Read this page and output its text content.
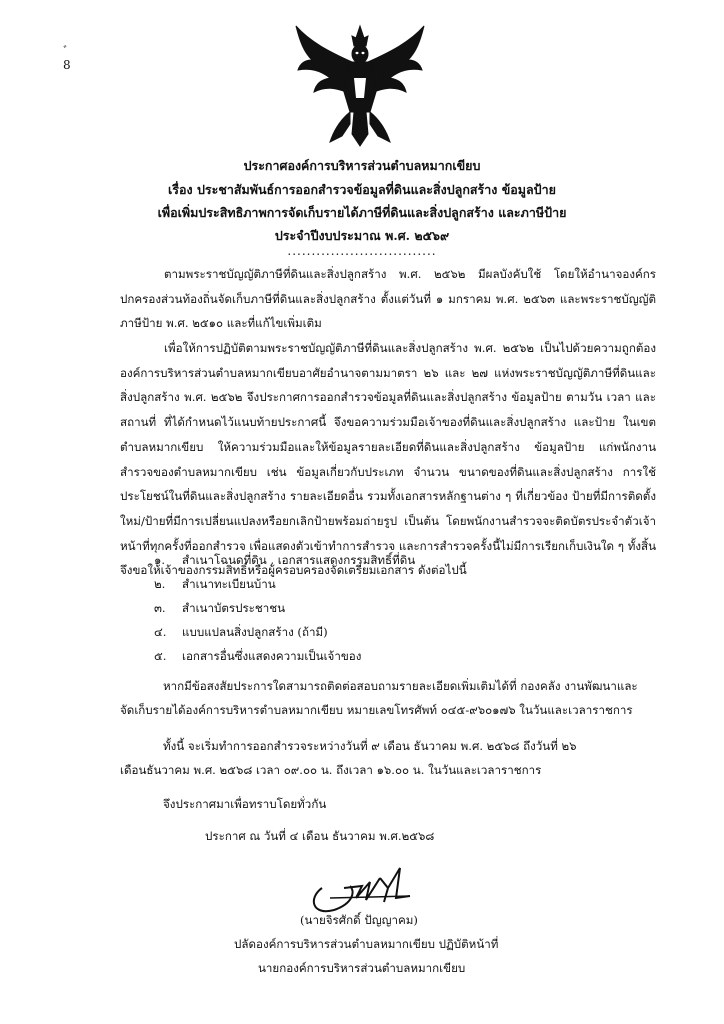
ﾞ
8
ประกาศองค์การบริหารส่วนตำบลหมากเขียบ
เรื่อง ประชาสัมพันธ์การออกสำรวจข้อมูลที่ดินและสิ่งปลูกสร้าง ข้อมูลป้าย
เพื่อเพิ่มประสิทธิภาพการจัดเก็บรายได้ภาษีที่ดินและสิ่งปลูกสร้าง และภาษีป้าย
ประจำปีงบประมาณ พ.ศ. ๒๕๖๙
...............................

ตามพระราชบัญญัติภาษีที่ดินและสิ่งปลูกสร้าง พ.ศ. ๒๕๖๒ มีผลบังคับใช้ โดยให้อำนาจองค์กรปกครองส่วนท้องถิ่นจัดเก็บภาษีที่ดินและสิ่งปลูกสร้าง ตั้งแต่วันที่ ๑ มกราคม พ.ศ. ๒๕๖๓ และพระราชบัญญัติภาษีป้าย พ.ศ. ๒๕๑๐ และที่แก้ไขเพิ่มเติม

เพื่อให้การปฏิบัติตามพระราชบัญญัติภาษีที่ดินและสิ่งปลูกสร้าง พ.ศ. ๒๕๖๒ เป็นไปด้วยความถูกต้อง องค์การบริหารส่วนตำบลหมากเขียบอาศัยอำนาจตามมาตรา ๒๖ และ ๒๗ แห่งพระราชบัญญัติภาษีที่ดินและสิ่งปลูกสร้าง พ.ศ. ๒๕๖๒ จึงประกาศการออกสำรวจข้อมูลที่ดินและสิ่งปลูกสร้าง ข้อมูลป้าย ตามวัน เวลา และสถานที่ ที่ได้กำหนดไว้แนบท้ายประกาศนี้ จึงขอความร่วมมือเจ้าของที่ดินและสิ่งปลูกสร้าง และป้าย ในเขตตำบลหมากเขียบ ให้ความร่วมมือและให้ข้อมูลรายละเอียดที่ดินและสิ่งปลูกสร้าง ข้อมูลป้าย แก่พนักงานสำรวจของตำบลหมากเขียบ เช่น ข้อมูลเกี่ยวกับประเภท จำนวน ขนาดของที่ดินและสิ่งปลูกสร้าง การใช้ประโยชน์ในที่ดินและสิ่งปลูกสร้าง รายละเอียดอื่น รวมทั้งเอกสารหลักฐานต่าง ๆ ที่เกี่ยวข้อง ป้ายที่มีการติดตั้งใหม่/ป้ายที่มีการเปลี่ยนแปลงหรือยกเลิกป้ายพร้อมถ่ายรูป เป็นต้น โดยพนักงานสำรวจจะติดบัตรประจำตัวเจ้าหน้าที่ทุกครั้งที่ออกสำรวจ เพื่อแสดงตัวเข้าทำการสำรวจ และการสำรวจครั้งนี้ไม่มีการเรียกเก็บเงินใด ๆ ทั้งสิ้น จึงขอให้เจ้าของกรรมสิทธิ์หรือผู้ครอบครองจัดเตรียมเอกสาร ดังต่อไปนี้

๑. สำเนาโฉนดที่ดิน , เอกสารแสดงกรรมสิทธิ์ที่ดิน
๒. สำเนาทะเบียนบ้าน
๓. สำเนาบัตรประชาชน
๔. แบบแปลนสิ่งปลูกสร้าง (ถ้ามี)
๕. เอกสารอื่นซึ่งแสดงความเป็นเจ้าของ
หากมีข้อสงสัยประการใดสามารถติดต่อสอบถามรายละเอียดเพิ่มเติมได้ที่ กองคลัง งานพัฒนาและ
จัดเก็บรายได้องค์การบริหารตำบลหมากเขียบ หมายเลขโทรศัพท์ ๐๔๕-๙๖๐๑๗๖ ในวันและเวลาราชการ
ทั้งนี้ จะเริ่มทำการออกสำรวจระหว่างวันที่ ๙ เดือน ธันวาคม พ.ศ. ๒๕๖๘ ถึงวันที่ ๒๖
เดือนธันวาคม พ.ศ. ๒๕๖๘ เวลา ๐๙.๐๐ น. ถึงเวลา ๑๖.๐๐ น. ในวันและเวลาราชการ
จึงประกาศมาเพื่อทราบโดยทั่วกัน
ประกาศ ณ วันที่ ๔ เดือน ธันวาคม พ.ศ.๒๕๖๘
(นายจิรศักดิ์ ปัญญาคม)
ปลัดองค์การบริหารส่วนตำบลหมากเขียบ ปฏิบัติหน้าที่
นายกองค์การบริหารส่วนตำบลหมากเขียบ
